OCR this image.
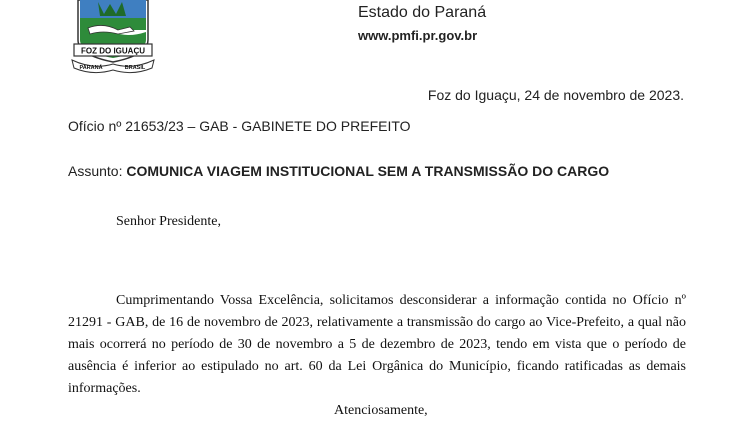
FOZ DO IGUAÇU
PARANÁ	BRASIL
Estado do Paraná
www.pmfi.pr.gov.br
Foz do Iguaçu, 24 de novembro de 2023.
Ofício nº 21653/23 – GAB - GABINETE DO PREFEITO
Assunto: COMUNICA VIAGEM INSTITUCIONAL SEM A TRANSMISSÃO DO CARGO
Senhor Presidente,

Cumprimentando Vossa Excelência, solicitamos desconsiderar a informação contida no Ofício nº 21291 - GAB, de 16 de novembro de 2023, relativamente a transmissão do cargo ao Vice-Prefeito, a qual não mais ocorrerá no período de 30 de novembro a 5 de dezembro de 2023, tendo em vista que o período de ausência é inferior ao estipulado no art. 60 da Lei Orgânica do Município, ficando ratificadas as demais informações.

Atenciosamente,
